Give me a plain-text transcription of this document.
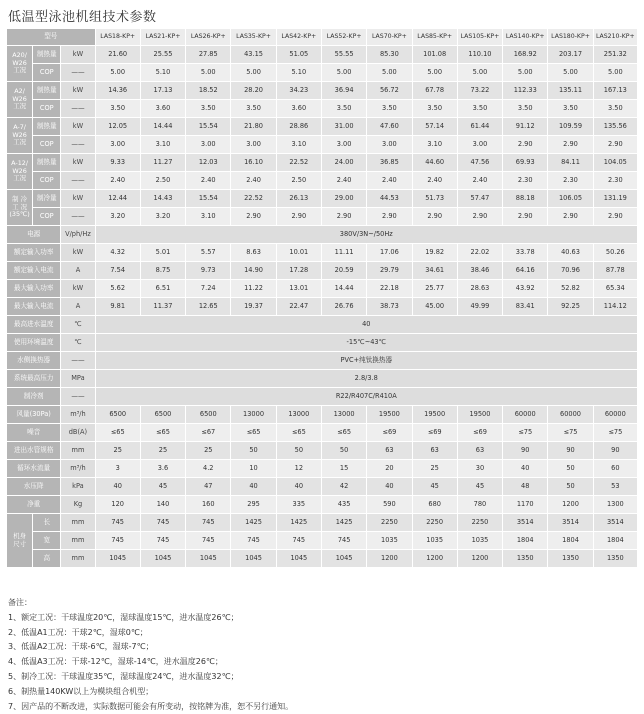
低温型泳池机组技术参数
型号			LAS18-KP+	LAS21-KP+	LAS26-KP+	LAS35-KP+	LAS42-KP+	LAS52-KP+	LAS70-KP+	LAS85-KP+	LAS105-KP+	LAS140-KP+	LAS180-KP+	LAS210-KP+

A20/
W26
工况	制热量	kW	21.60	25.55	27.85	43.15	51.05	55.55	85.30	101.08	110.10	168.92	203.17	251.32
	COP	——	5.00	5.10	5.00	5.00	5.10	5.00	5.00	5.00	5.00	5.00	5.00	5.00

A2/
W26
工况	制热量	kW	14.36	17.13	18.52	28.20	34.23	36.94	56.72	67.78	73.22	112.33	135.11	167.13
	COP	——	3.50	3.60	3.50	3.50	3.60	3.50	3.50	3.50	3.50	3.50	3.50	3.50

A-7/
W26
工况	制热量	kW	12.05	14.44	15.54	21.80	28.86	31.00	47.60	57.14	61.44	91.12	109.59	135.56
	COP	——	3.00	3.10	3.00	3.00	3.10	3.00	3.00	3.10	3.00	2.90	2.90	2.90

A-12/
W26
工况	制热量	kW	9.33	11.27	12.03	16.10	22.52	24.00	36.85	44.60	47.56	69.93	84.11	104.05
	COP	——	2.40	2.50	2.40	2.40	2.50	2.40	2.40	2.40	2.40	2.30	2.30	2.30

制 冷
工 况
(35℃)	制冷量	kW	12.44	14.43	15.54	22.52	26.13	29.00	44.53	51.73	57.47	88.18	106.05	131.19
	COP	——	3.20	3.20	3.10	2.90	2.90	2.90	2.90	2.90	2.90	2.90	2.90	2.90
电源		V/ph/Hz	380V/3N~/50Hz											
额定输入功率		kW	4.32	5.01	5.57	8.63	10.01	11.11	17.06	19.82	22.02	33.78	40.63	50.26
额定输入电流		A	7.54	8.75	9.73	14.90	17.28	20.59	29.79	34.61	38.46	64.16	70.96	87.78
最大输入功率		kW	5.62	6.51	7.24	11.22	13.01	14.44	22.18	25.77	28.63	43.92	52.82	65.34
最大输入电流		A	9.81	11.37	12.65	19.37	22.47	26.76	38.73	45.00	49.99	83.41	92.25	114.12
最高进水温度		℃	40											
使用环境温度		℃	-15℃~43℃											
水侧换热器		——	PVC+纯钛换热器											
系统最高压力		MPa	2.8/3.8											
制冷剂		——	R22/R407C/R410A											
风量(30Pa)		m³/h	6500	6500	6500	13000	13000	13000	19500	19500	19500	60000	60000	60000
噪音		dB(A)	≤65	≤65	≤67	≤65	≤65	≤65	≤69	≤69	≤69	≤75	≤75	≤75
进出水管规格		mm	25	25	25	50	50	50	63	63	63	90	90	90
循环水流量		m³/h	3	3.6	4.2	10	12	15	20	25	30	40	50	60
水压降		kPa	40	45	47	40	40	42	40	45	45	48	50	53
净重		Kg	120	140	160	295	335	435	590	680	780	1170	1200	1300

机身
尺寸	长	mm	745	745	745	1425	1425	1425	2250	2250	2250	3514	3514	3514
	宽	mm	745	745	745	745	745	745	1035	1035	1035	1804	1804	1804
	高	mm	1045	1045	1045	1045	1045	1045	1200	1200	1200	1350	1350	1350
备注：
1、额定工况：干球温度20℃，湿球温度15℃，进水温度26℃；
2、低温A1工况：干球2℃，湿球0℃；
3、低温A2工况：干球-6℃，湿球-7℃；
4、低温A3工况：干球-12℃，湿球-14℃，进水温度26℃；
5、制冷工况：干球温度35℃，湿球温度24℃，进水温度32℃；
6、制热量140KW以上为模块组合机型；
7、因产品的不断改进，实际数据可能会有所变动，按铭牌为准，恕不另行通知。
